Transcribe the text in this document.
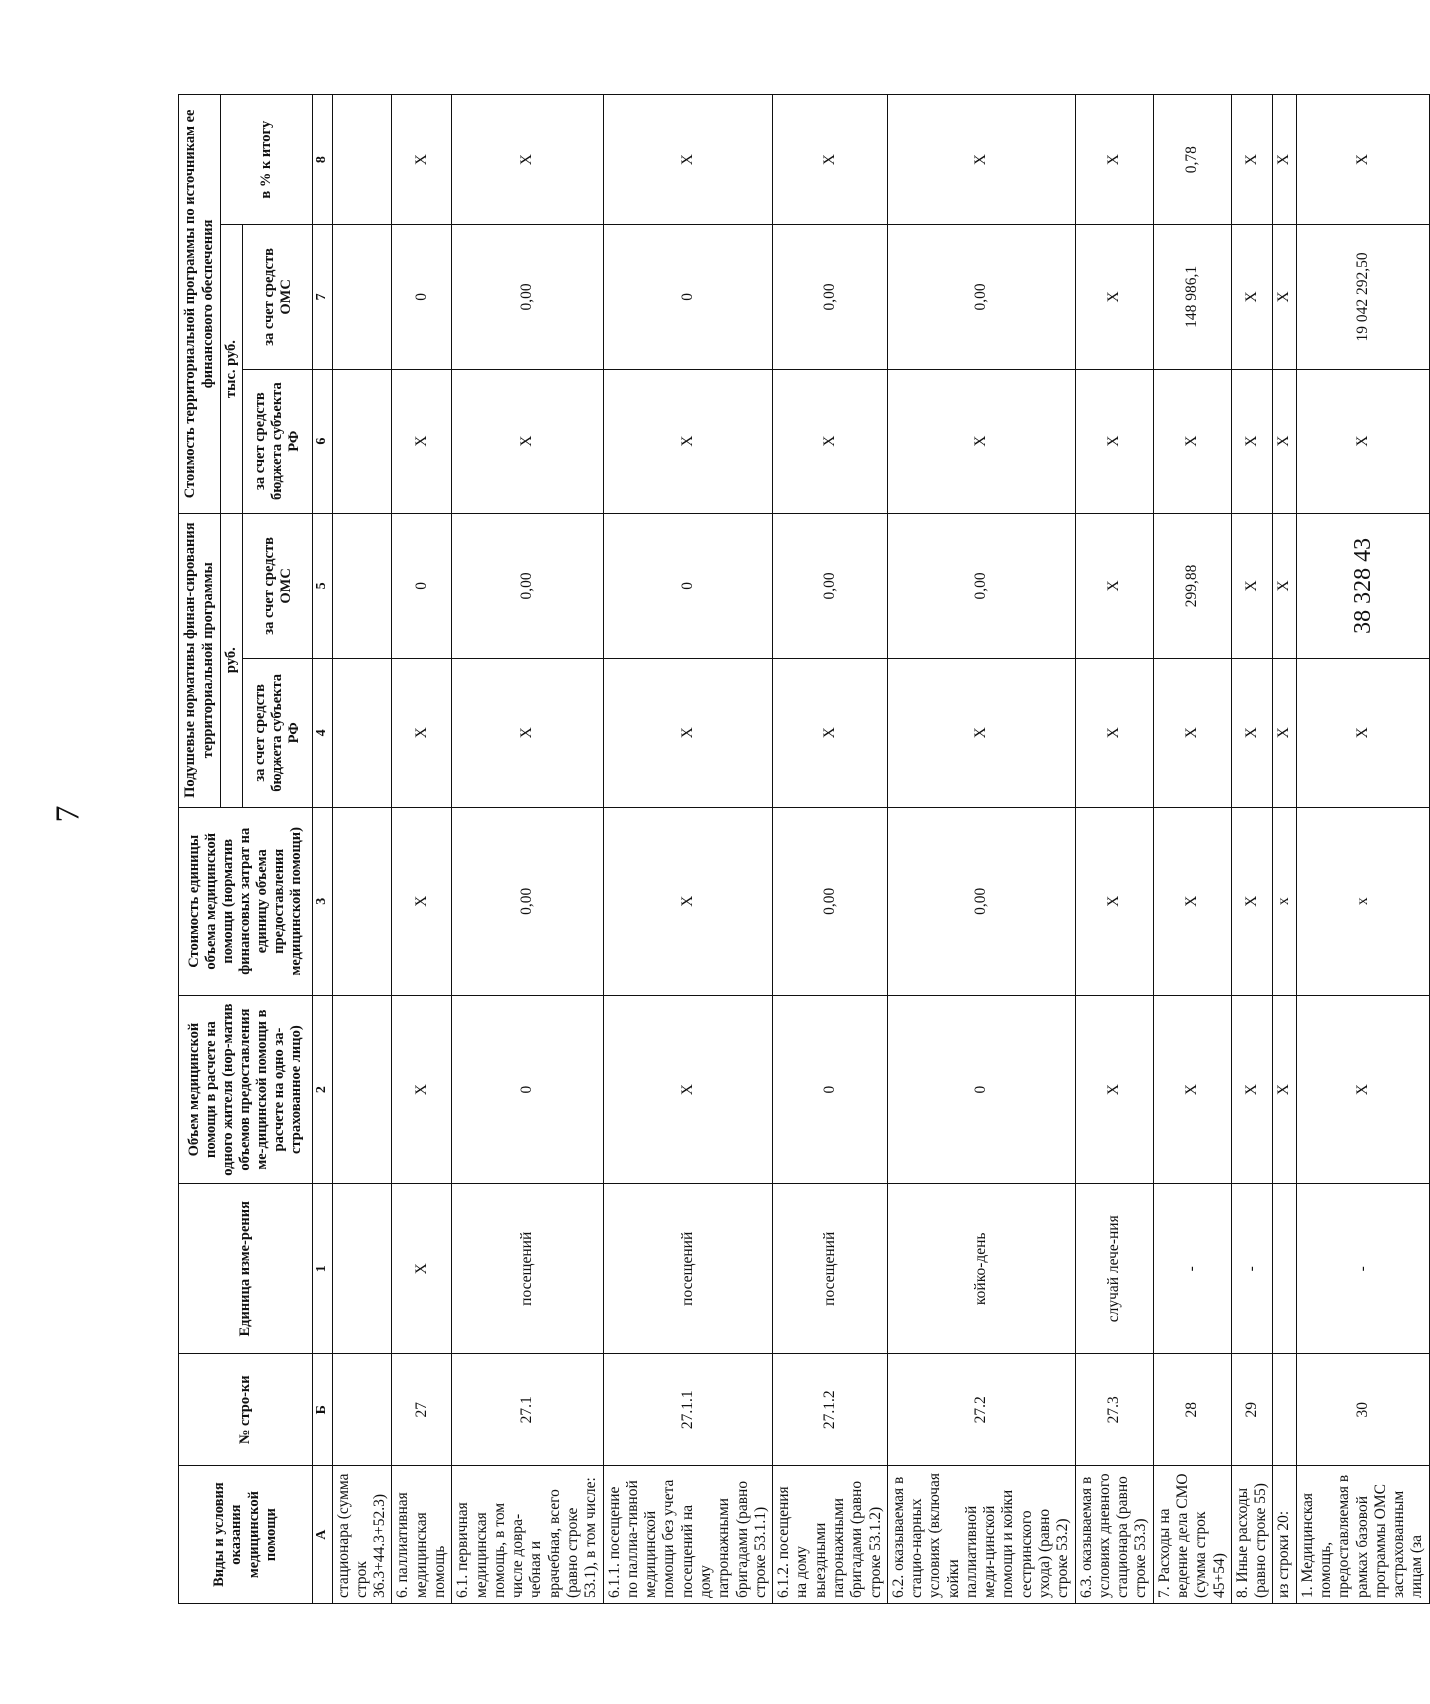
7
Виды и условия оказания медицинской помощи	№ стро-ки	Единица изме-рения	Объем медицинской помощи в расчете на одного жителя (нор-матив объемов предоставления ме-дицинской помощи в расчете на одно за-страхованное лицо)	Стоимость единицы объема медицинской помощи (норматив финансовых затрат на единицу объема предоставления медицинской помощи)	Подушевые нормативы финан-сирования территориальной программы		Стоимость территориальной программы по источникам ее финансового обеспечения		
					руб.		тыс. руб.		в % к итогу
					за счет средств бюджета субъекта РФ	за счет средств ОМС	за счет средств бюджета субъекта РФ	за счет средств ОМС	
А	Б	1	2	3	4	5	6	7	8
стационара (сумма строк 36.3+44.3+52.3)									
6. паллиативная медицинская помощь	27	Х	Х	Х	Х	0	Х	0	Х
6.1. первичная медицинская помощь, в том числе довра-чебная и врачебная, всего (равно строке 53.1), в том числе:	27.1	посещений	0	0,00	Х	0,00	Х	0,00	Х
6.1.1. посещение по паллиа-тивной медицинской помощи без учета посещений на дому патронажными бригадами (равно строке 53.1.1)	27.1.1	посещений	Х	Х	Х	0	Х	0	Х
6.1.2. посещения на дому выездными патронажными бригадами (равно строке 53.1.2)	27.1.2	посещений	0	0,00	Х	0,00	Х	0,00	Х
6.2. оказываемая в стацио-нарных условиях (включая койки паллиативной меди-цинской помощи и койки сестринского ухода) (равно строке 53.2)	27.2	койко-день	0	0,00	Х	0,00	Х	0,00	Х
6.3. оказываемая в условиях дневного стационара (равно строке 53.3)	27.3	случай лече-ния	Х	Х	Х	Х	Х	Х	Х
7. Расходы на ведение дела СМО (сумма строк 45+54)	28	-	Х	Х	Х	299,88	Х	148 986,1	0,78
8. Иные расходы (равно строке 55)	29	-	Х	Х	Х	Х	Х	Х	Х
из строки 20:			Х	х	Х	Х	Х	Х	Х
1. Медицинская помощь, предоставляемая в рамках базовой программы ОМС застрахованным лицам (за	30	-	Х	х	Х	38 328 43	Х	19 042 292,50	Х
